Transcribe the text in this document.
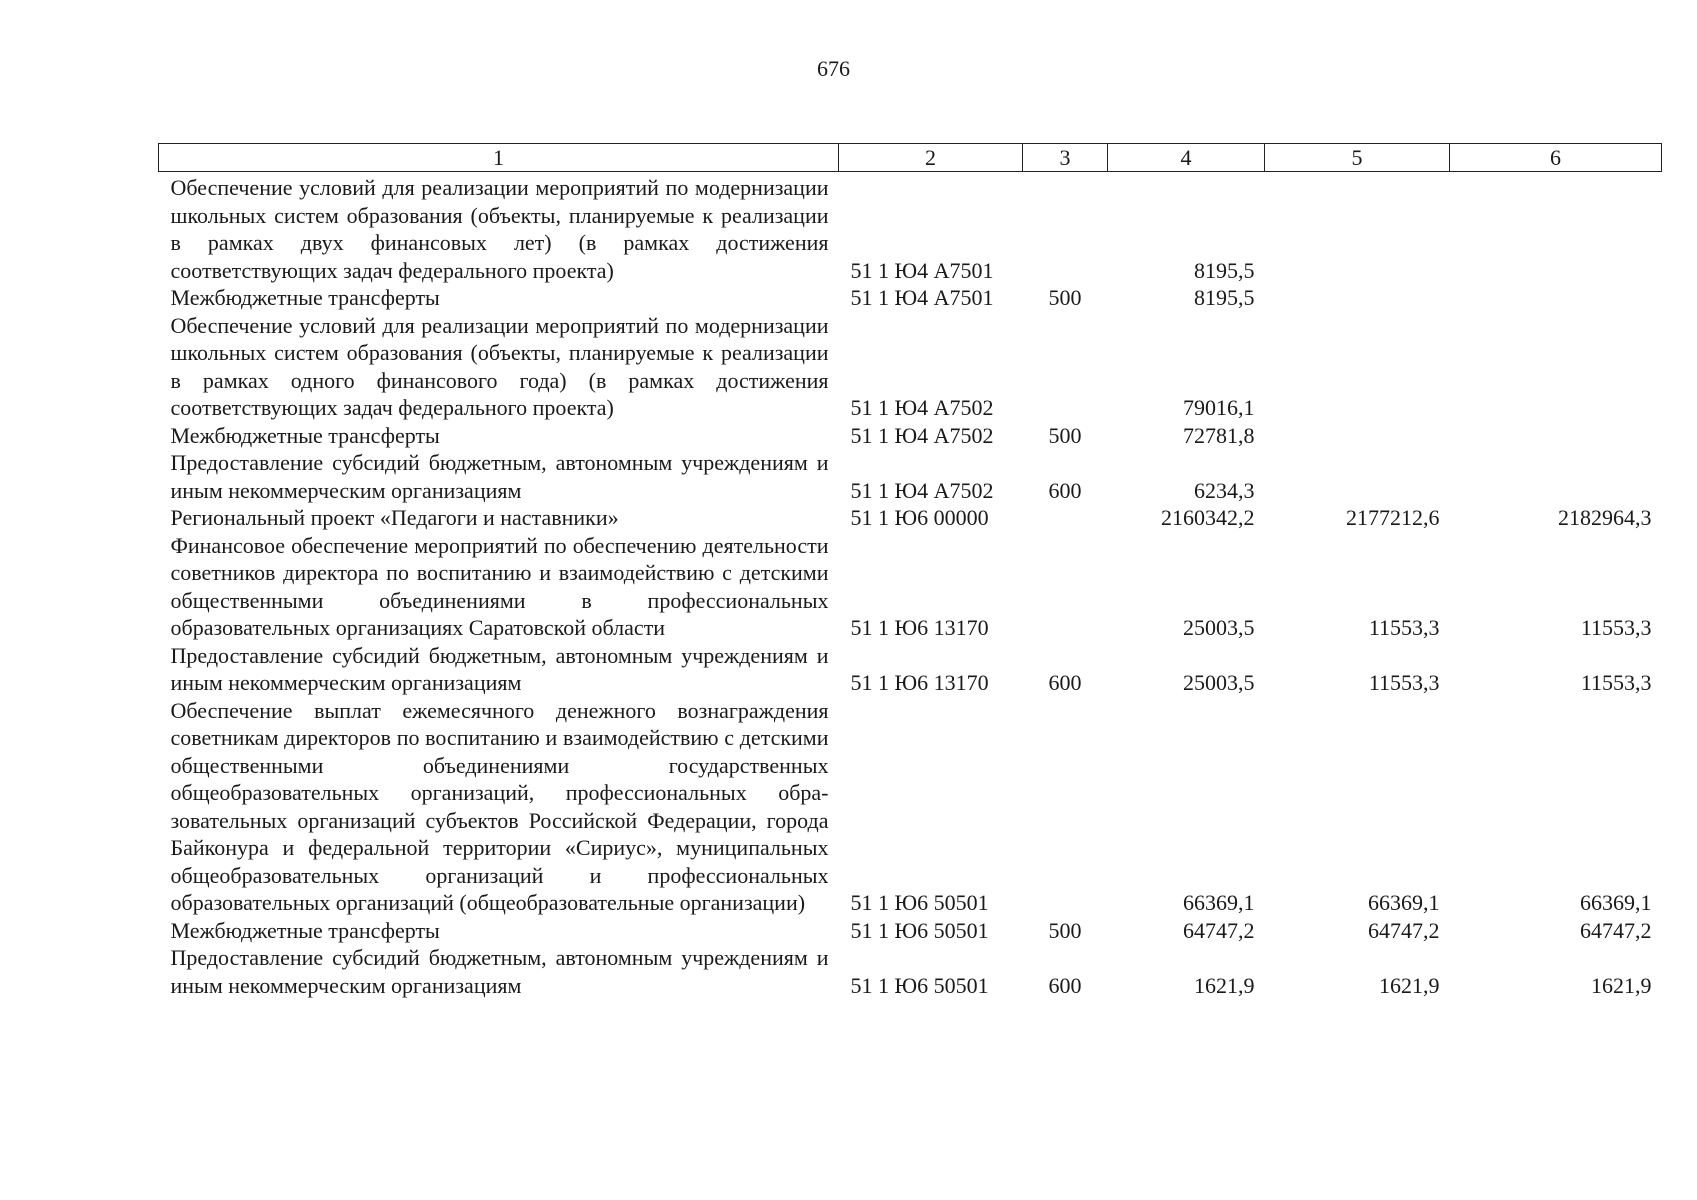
676
1	2	3	4	5	6
Обеспечение условий для реализации мероприятий по модернизации школьных систем образования (объекты, планируемые к реализации в рамках двух финансовых лет) (в рамках достижения соответствующих задач федерального проекта)	51 1 Ю4 А7501		8195,5		
Межбюджетные трансферты	51 1 Ю4 А7501	500	8195,5		
Обеспечение условий для реализации мероприятий по модернизации школьных систем образования (объекты, планируемые к реализации в рамках одного финансового года) (в рамках достижения соответствующих задач федерального проекта)	51 1 Ю4 А7502		79016,1		
Межбюджетные трансферты	51 1 Ю4 А7502	500	72781,8		
Предоставление субсидий бюджетным, автономным учреждениям и иным некоммерческим организациям	51 1 Ю4 А7502	600	6234,3		
Региональный проект «Педагоги и наставники»	51 1 Ю6 00000		2160342,2	2177212,6	2182964,3
Финансовое обеспечение мероприятий по обеспечению деятельности советников директора по воспитанию и взаимодействию с детскими общественными объединениями в профессиональных образовательных организациях Саратовской области	51 1 Ю6 13170		25003,5	11553,3	11553,3
Предоставление субсидий бюджетным, автономным учреждениям и иным некоммерческим организациям	51 1 Ю6 13170	600	25003,5	11553,3	11553,3
Обеспечение выплат ежемесячного денежного вознаграждения советникам директоров по воспитанию и взаимодействию с детскими общественными объединениями государственных общеобразовательных организаций, профессиональных образовательных организаций субъектов Российской Федерации, города Байконура и федеральной территории «Сириус», муниципальных общеобразовательных организаций и профессиональных образовательных организаций (общеобразовательные организации)	51 1 Ю6 50501		66369,1	66369,1	66369,1
Межбюджетные трансферты	51 1 Ю6 50501	500	64747,2	64747,2	64747,2
Предоставление субсидий бюджетным, автономным учреждениям и иным некоммерческим организациям	51 1 Ю6 50501	600	1621,9	1621,9	1621,9
